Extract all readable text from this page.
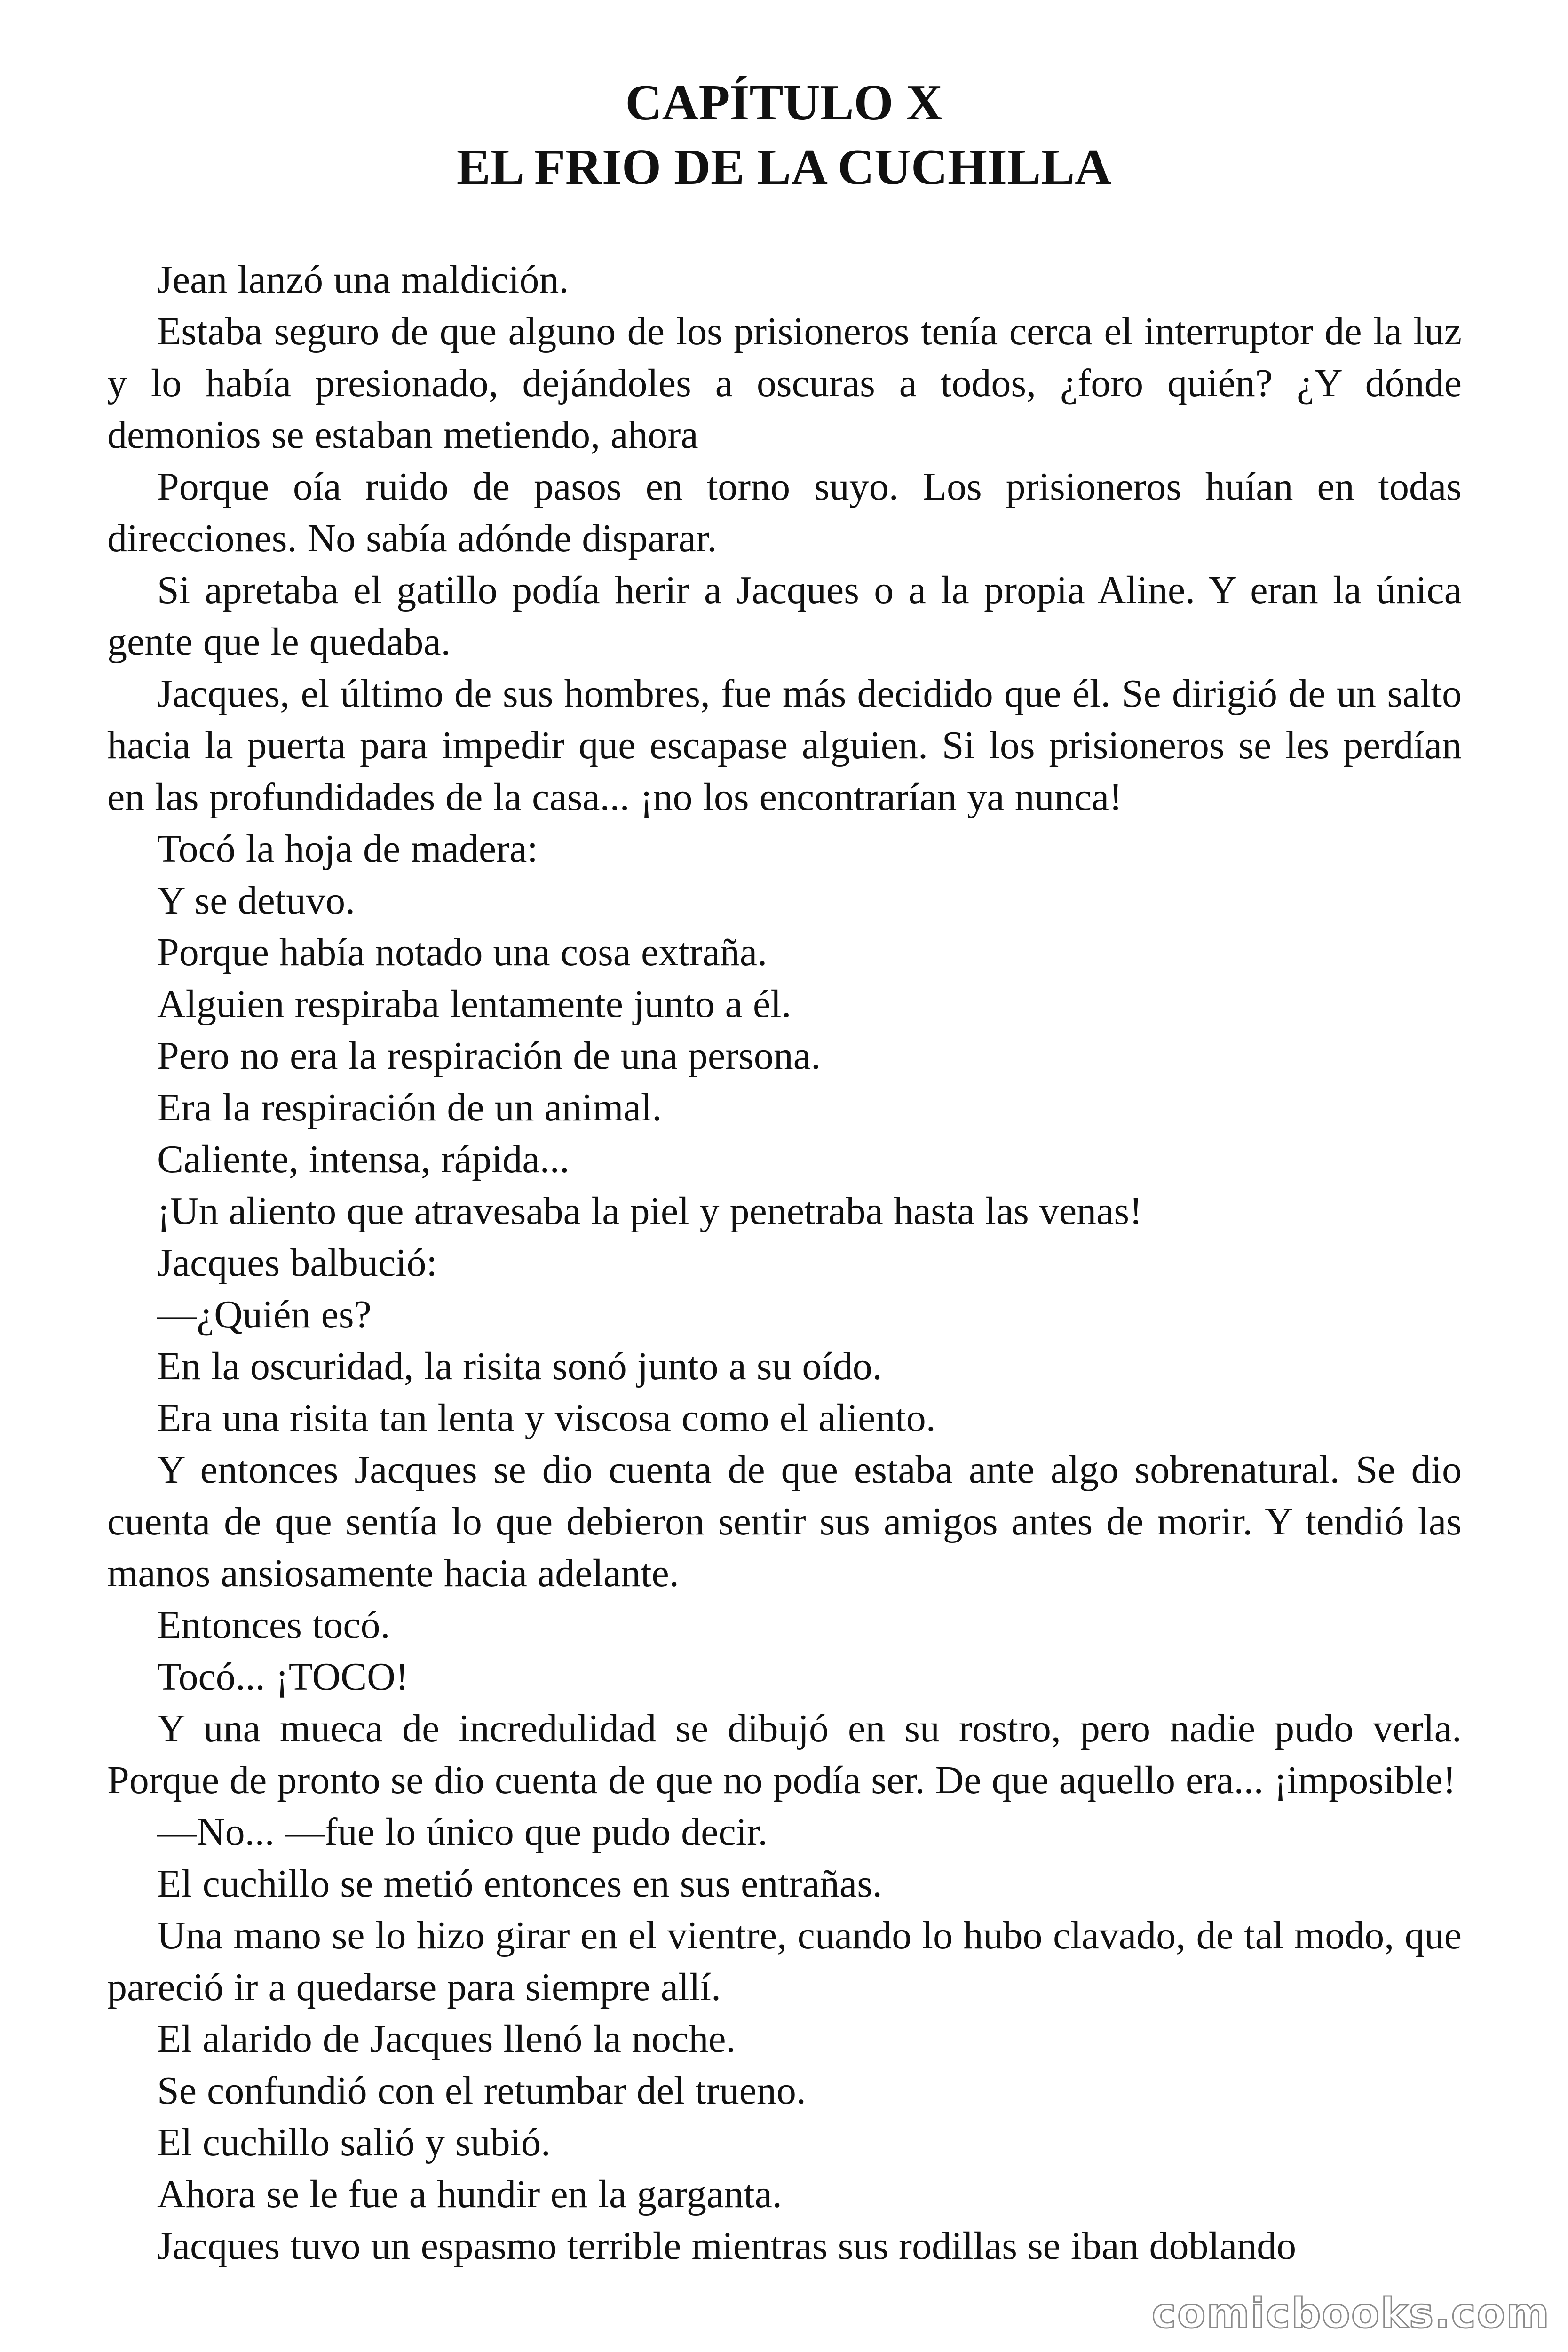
CAPÍTULO X
EL FRIO DE LA CUCHILLA

Jean lanzó una maldición.

Estaba seguro de que alguno de los prisioneros tenía cerca el interruptor de la luz y lo había presionado, dejándoles a oscuras a todos, ¿foro quién? ¿Y dónde demonios se estaban metiendo, ahora

Porque oía ruido de pasos en torno suyo. Los prisioneros huían en todas direcciones. No sabía adónde disparar.

Si apretaba el gatillo podía herir a Jacques o a la propia Aline. Y eran la única gente que le quedaba.

Jacques, el último de sus hombres, fue más decidido que él. Se dirigió de un salto hacia la puerta para impedir que escapase alguien. Si los prisioneros se les perdían en las profundidades de la casa... ¡no los encontrarían ya nunca!

Tocó la hoja de madera:

Y se detuvo.

Porque había notado una cosa extraña.

Alguien respiraba lentamente junto a él.

Pero no era la respiración de una persona.

Era la respiración de un animal.

Caliente, intensa, rápida...

¡Un aliento que atravesaba la piel y penetraba hasta las venas!

Jacques balbució:

—¿Quién es?

En la oscuridad, la risita sonó junto a su oído.

Era una risita tan lenta y viscosa como el aliento.

Y entonces Jacques se dio cuenta de que estaba ante algo sobrenatural. Se dio cuenta de que sentía lo que debieron sentir sus amigos antes de morir. Y tendió las manos ansiosamente hacia adelante.

Entonces tocó.

Tocó... ¡TOCO!

Y una mueca de incredulidad se dibujó en su rostro, pero nadie pudo verla. Porque de pronto se dio cuenta de que no podía ser. De que aquello era... ¡imposible!

—No... —fue lo único que pudo decir.

El cuchillo se metió entonces en sus entrañas.

Una mano se lo hizo girar en el vientre, cuando lo hubo clavado, de tal modo, que pareció ir a quedarse para siempre allí.

El alarido de Jacques llenó la noche.

Se confundió con el retumbar del trueno.

El cuchillo salió y subió.

Ahora se le fue a hundir en la garganta.

Jacques tuvo un espasmo terrible mientras sus rodillas se iban doblando

comicbooks.com
